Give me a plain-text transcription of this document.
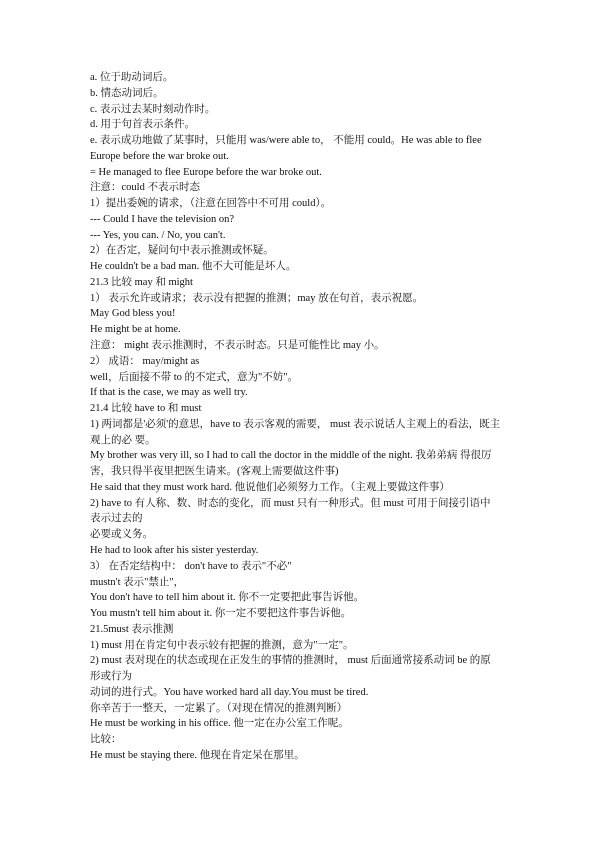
a. 位于助动词后。
b. 情态动词后。
c. 表示过去某时刻动作时。
d. 用于句首表示条件。
e. 表示成功地做了某事时，只能用 was/were able to， 不能用 could。He was able to flee
Europe before the war broke out.
= He managed to flee Europe before the war broke out.
注意：could 不表示时态
1）提出委婉的请求，（注意在回答中不可用 could）。
--- Could I have the television on?
--- Yes, you can. / No, you can't.
2）在否定，疑问句中表示推测或怀疑。
He couldn't be a bad man. 他不大可能是坏人。
21.3 比较 may 和 might
1） 表示允许或请求；表示没有把握的推测；may 放在句首，表示祝愿。
May God bless you!
He might be at home.
注意： might 表示推测时，不表示时态。只是可能性比 may 小。
2） 成语： may/might as
well，后面接不带 to 的不定式，意为"不妨"。
If that is the case, we may as well try.
21.4 比较 have to 和 must
1) 两词都是'必须'的意思，have to 表示客观的需要， must 表示说话人主观上的看法，既主
观上的必 要。
My brother was very ill, so I had to call the doctor in the middle of the night. 我弟弟病 得很厉
害，我只得半夜里把医生请来。(客观上需要做这件事)
He said that they must work hard. 他说他们必须努力工作。（主观上要做这件事）
2) have to 有人称、数、时态的变化，而 must 只有一种形式。但 must 可用于间接引语中
表示过去的
必要或义务。
He had to look after his sister yesterday.
3） 在否定结构中： don't have to 表示"不必"
mustn't 表示"禁止"，
You don't have to tell him about it. 你不一定要把此事告诉他。
You mustn't tell him about it. 你一定不要把这件事告诉他。
21.5must 表示推测
1) must 用在肯定句中表示较有把握的推测，意为"一定"。
2) must 表对现在的状态或现在正发生的事情的推测时， must 后面通常接系动词 be 的原
形或行为
动词的进行式。You have worked hard all day.You must be tired.
你辛苦于一整天，一定累了。（对现在情况的推测判断）
He must be working in his office. 他一定在办公室工作呢。
比较：
He must be staying there. 他现在肯定呆在那里。
